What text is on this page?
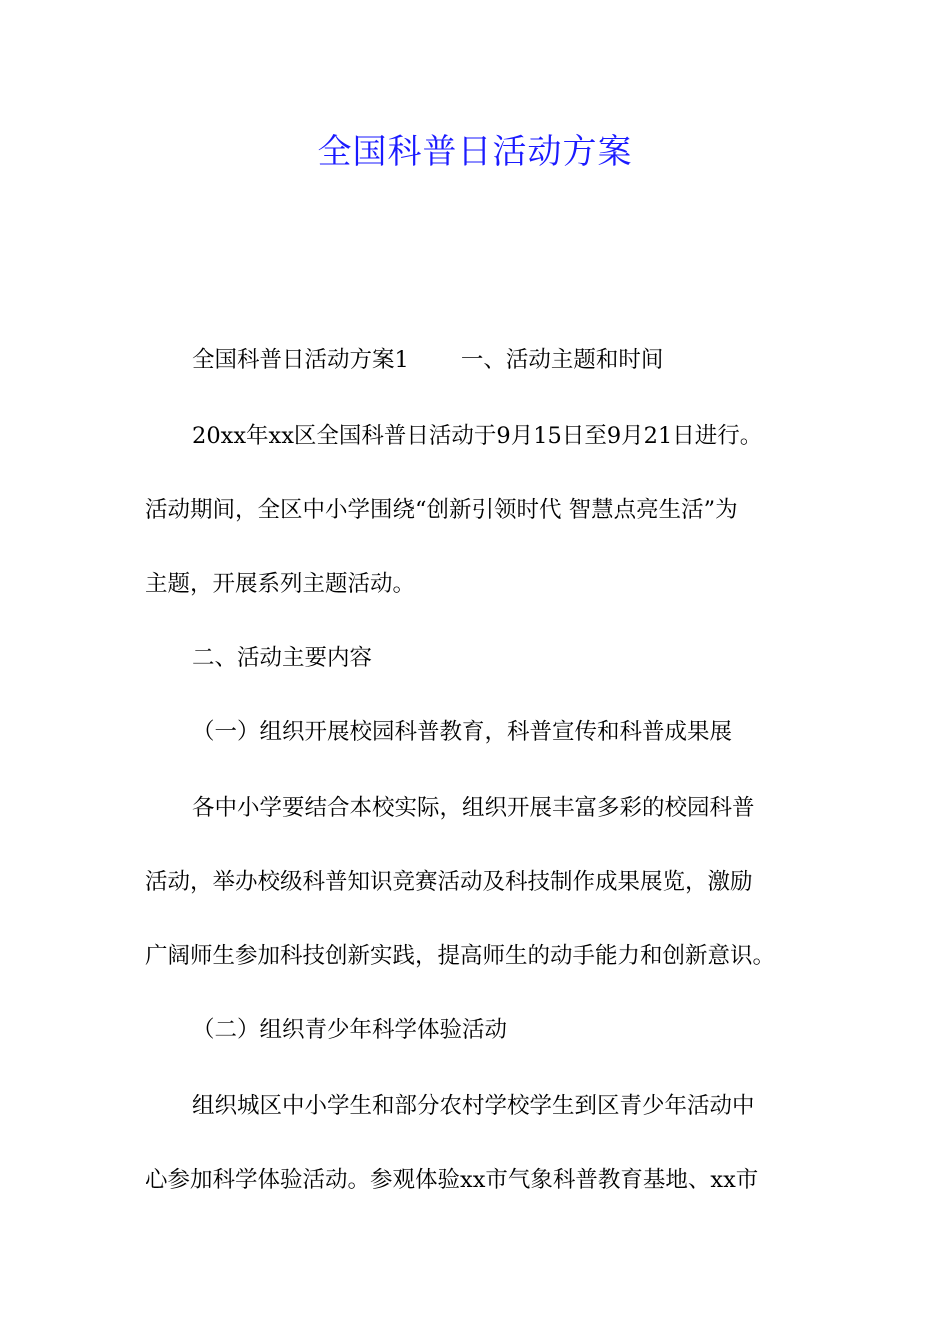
全国科普日活动方案
全国科普日活动方案1 一、活动主题和时间
20xx年xx区全国科普日活动于9月15日至9月21日进行。
活动期间，全区中小学围绕“创新引领时代 智慧点亮生活”为
主题，开展系列主题活动。
二、活动主要内容
（一）组织开展校园科普教育，科普宣传和科普成果展
各中小学要结合本校实际，组织开展丰富多彩的校园科普
活动，举办校级科普知识竞赛活动及科技制作成果展览，激励
广阔师生参加科技创新实践，提高师生的动手能力和创新意识。
（二）组织青少年科学体验活动
组织城区中小学生和部分农村学校学生到区青少年活动中
心参加科学体验活动。参观体验xx市气象科普教育基地、xx市
